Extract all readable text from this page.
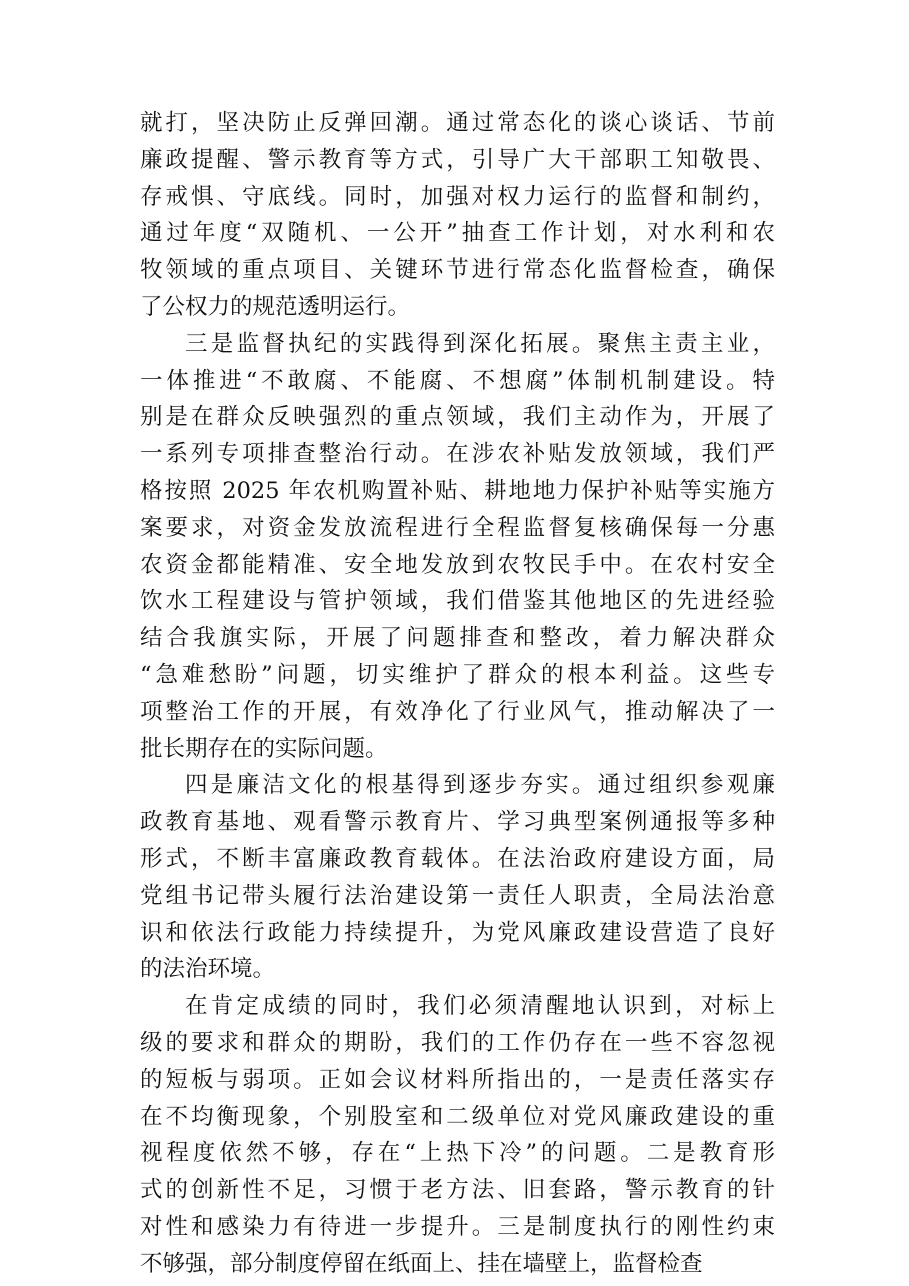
就打，坚决防止反弹回潮。通过常态化的谈心谈话、节前
廉政提醒、警示教育等方式，引导广大干部职工知敬畏、
存戒惧、守底线。同时，加强对权力运行的监督和制约，
通过年度“双随机、一公开”抽查工作计划，对水利和农
牧领域的重点项目、关键环节进行常态化监督检查，确保
了公权力的规范透明运行。
三是监督执纪的实践得到深化拓展。聚焦主责主业，
一体推进“不敢腐、不能腐、不想腐”体制机制建设。特
别是在群众反映强烈的重点领域，我们主动作为，开展了
一系列专项排查整治行动。在涉农补贴发放领域，我们严
格按照 2025 年农机购置补贴、耕地地力保护补贴等实施方
案要求，对资金发放流程进行全程监督复核确保每一分惠
农资金都能精准、安全地发放到农牧民手中。在农村安全
饮水工程建设与管护领域，我们借鉴其他地区的先进经验
结合我旗实际，开展了问题排查和整改，着力解决群众
“急难愁盼”问题，切实维护了群众的根本利益。这些专
项整治工作的开展，有效净化了行业风气，推动解决了一
批长期存在的实际问题。
四是廉洁文化的根基得到逐步夯实。通过组织参观廉
政教育基地、观看警示教育片、学习典型案例通报等多种
形式，不断丰富廉政教育载体。在法治政府建设方面，局
党组书记带头履行法治建设第一责任人职责，全局法治意
识和依法行政能力持续提升，为党风廉政建设营造了良好
的法治环境。
在肯定成绩的同时，我们必须清醒地认识到，对标上
级的要求和群众的期盼，我们的工作仍存在一些不容忽视
的短板与弱项。正如会议材料所指出的，一是责任落实存
在不均衡现象，个别股室和二级单位对党风廉政建设的重
视程度依然不够，存在“上热下冷”的问题。二是教育形
式的创新性不足，习惯于老方法、旧套路，警示教育的针
对性和感染力有待进一步提升。三是制度执行的刚性约束
不够强，部分制度停留在纸面上、挂在墙壁上，监督检查
